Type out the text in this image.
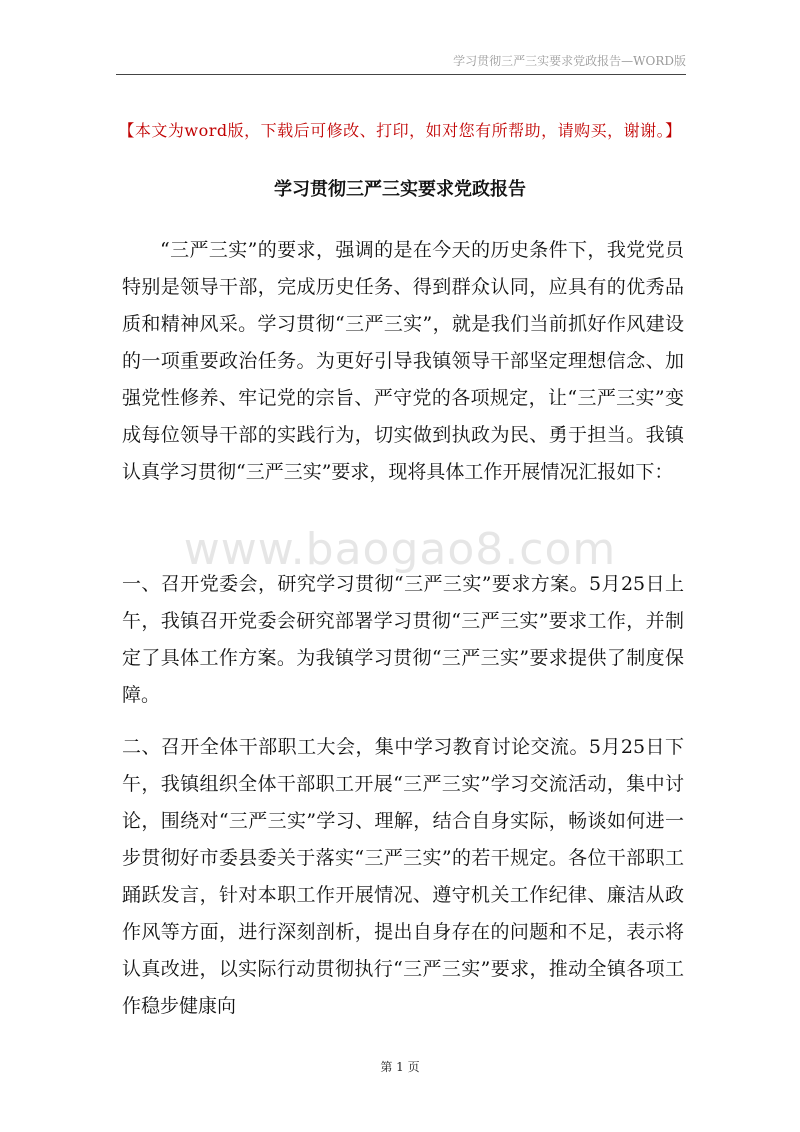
学习贯彻三严三实要求党政报告—WORD版
【本文为word版，下载后可修改、打印，如对您有所帮助，请购买，谢谢。】
学习贯彻三严三实要求党政报告

“三严三实”的要求，强调的是在今天的历史条件下，我党党员特别是领导干部，完成历史任务、得到群众认同，应具有的优秀品质和精神风采。学习贯彻“三严三实”，就是我们当前抓好作风建设的一项重要政治任务。为更好引导我镇领导干部坚定理想信念、加强党性修养、牢记党的宗旨、严守党的各项规定，让“三严三实”变成每位领导干部的实践行为，切实做到执政为民、勇于担当。我镇认真学习贯彻“三严三实”要求，现将具体工作开展情况汇报如下：

www.baogao8.com

一、召开党委会，研究学习贯彻“三严三实”要求方案。5月25日上午，我镇召开党委会研究部署学习贯彻“三严三实”要求工作，并制定了具体工作方案。为我镇学习贯彻“三严三实”要求提供了制度保障。

二、召开全体干部职工大会，集中学习教育讨论交流。5月25日下午，我镇组织全体干部职工开展“三严三实”学习交流活动，集中讨论，围绕对“三严三实”学习、理解，结合自身实际，畅谈如何进一步贯彻好市委县委关于落实“三严三实”的若干规定。各位干部职工踊跃发言，针对本职工作开展情况、遵守机关工作纪律、廉洁从政作风等方面，进行深刻剖析，提出自身存在的问题和不足，表示将认真改进，以实际行动贯彻执行“三严三实”要求，推动全镇各项工作稳步健康向

第 1 页
